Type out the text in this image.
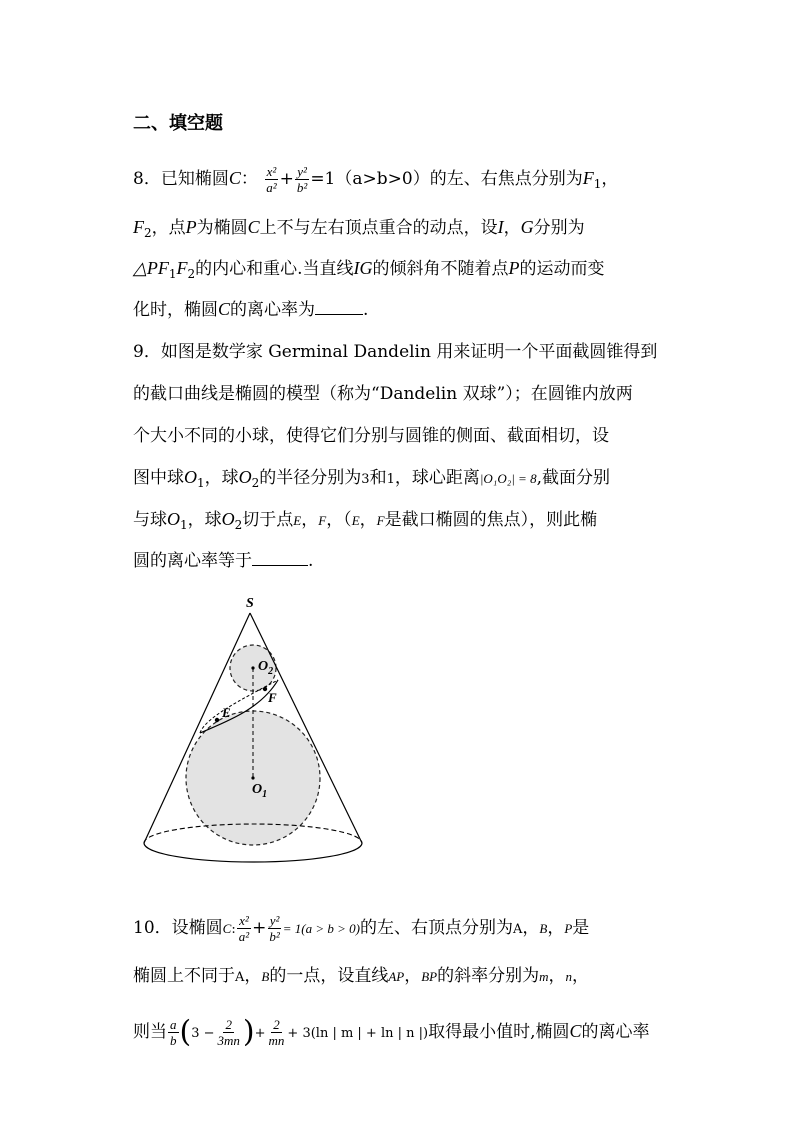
二、填空题
8．已知椭圆C： $\frac{\text{x²}}{\text{a²}} + \frac{\text{y²}}{\text{b²}} =1(a>b>0)$的左、右焦点分别为$F_1$，
$F_2$，点P为椭圆C上不与左右顶点重合的动点，设I，G分别为
$\triangle PF_1F_2$的内心和重心.当直线IG的倾斜角不随着点P的运动而变
化时，椭圆C的离心率为	.
9．如图是数学家 Germinal Dandelin 用来证明一个平面截圆锥得到
的截口曲线是椭圆的模型（称为“Dandelin 双球”）；在圆锥内放两
个大小不同的小球，使得它们分别与圆锥的侧面、截面相切，设
图中球$O_1$，球$O_2$的半径分别为3和1，球心距离|O₁O₂| = 8,截面分别
与球$O_1$，球$O_2$切于点E，F，（E，F是截口椭圆的焦点），则此椭
圆的离心率等于	.
S
$O_2$
E
F
$O_1$
10．设椭圆C: $\frac{\text{x²}}{\text{a²}} + \frac{\text{y²}}{\text{b²}} = 1(a > b > 0)$的左、右顶点分别为A，B，P是
椭圆上不同于A，B的一点，设直线AP，BP的斜率分别为m，n，
则当 $\frac{a}{b} (3 - \frac{2}{3mn}$ )+ $\frac{2}{mn} + 3(\ln$ | m | + ln | n |)取得最小值时,椭圆C的离心率
